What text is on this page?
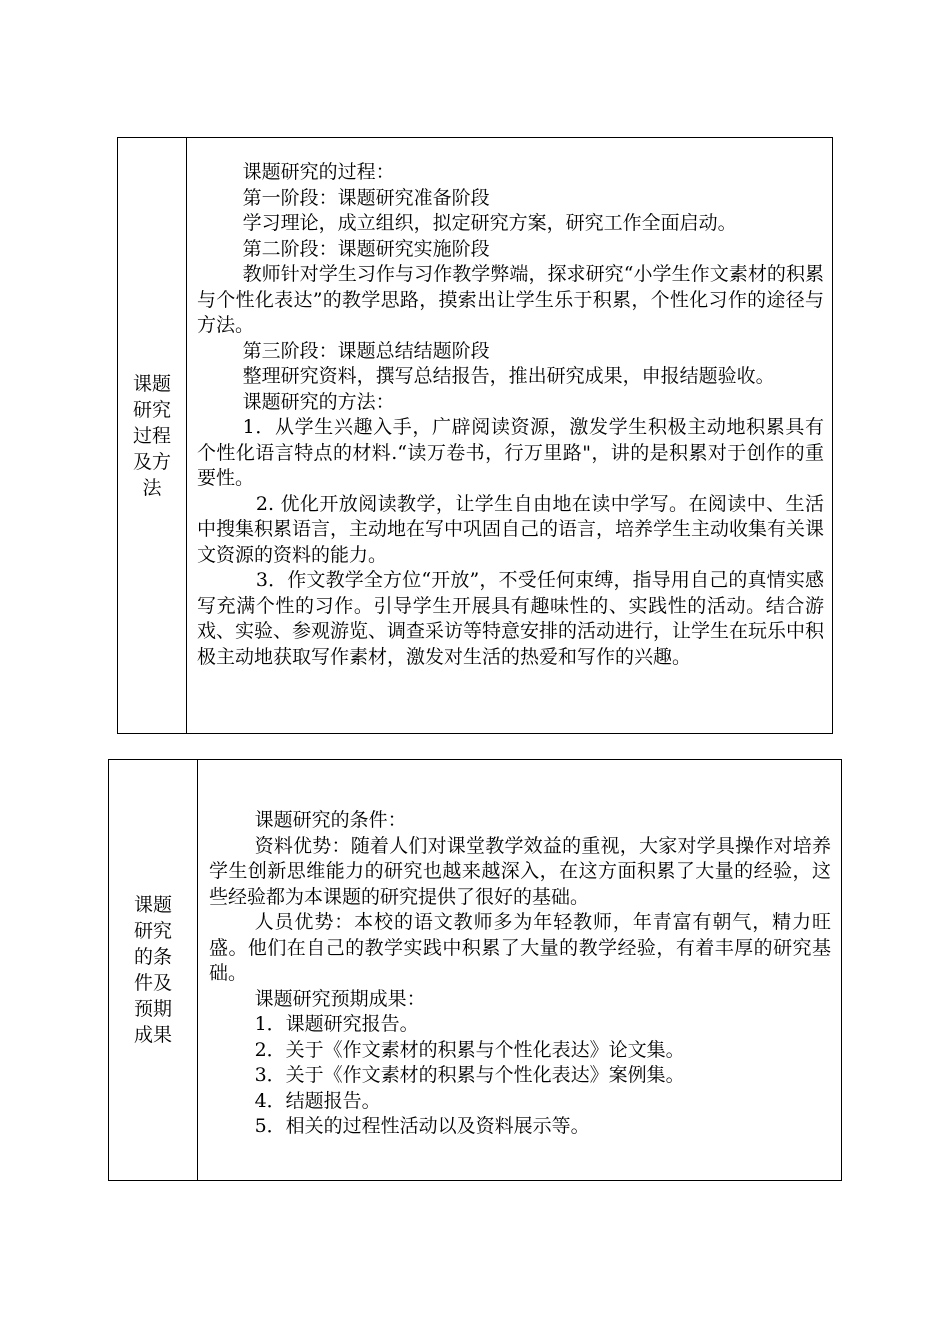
课题研究过程及方法

课题研究的过程：

第一阶段：课题研究准备阶段

学习理论，成立组织，拟定研究方案，研究工作全面启动。

第二阶段：课题研究实施阶段

教师针对学生习作与习作教学弊端，探求研究“小学生作文素材的积累与个性化表达”的教学思路，摸索出让学生乐于积累，个性化习作的途径与方法。

第三阶段：课题总结结题阶段

整理研究资料，撰写总结报告，推出研究成果，申报结题验收。

课题研究的方法：

1．从学生兴趣入手，广辟阅读资源，激发学生积极主动地积累具有个性化语言特点的材料.“读万卷书，行万里路"，讲的是积累对于创作的重要性。

2. 优化开放阅读教学，让学生自由地在读中学写。在阅读中、生活中搜集积累语言，主动地在写中巩固自己的语言，培养学生主动收集有关课文资源的资料的能力。

3．作文教学全方位“开放”，不受任何束缚，指导用自己的真情实感写充满个性的习作。引导学生开展具有趣味性的、实践性的活动。结合游戏、实验、参观游览、调查采访等特意安排的活动进行，让学生在玩乐中积极主动地获取写作素材，激发对生活的热爱和写作的兴趣。

课题研究的条件及预期成果

课题研究的条件：

资料优势：随着人们对课堂教学效益的重视，大家对学具操作对培养学生创新思维能力的研究也越来越深入，在这方面积累了大量的经验，这些经验都为本课题的研究提供了很好的基础。

人员优势：本校的语文教师多为年轻教师，年青富有朝气，精力旺盛。他们在自己的教学实践中积累了大量的教学经验，有着丰厚的研究基础。

课题研究预期成果：

1．课题研究报告。

2．关于《作文素材的积累与个性化表达》论文集。

3．关于《作文素材的积累与个性化表达》案例集。

4．结题报告。

5．相关的过程性活动以及资料展示等。
